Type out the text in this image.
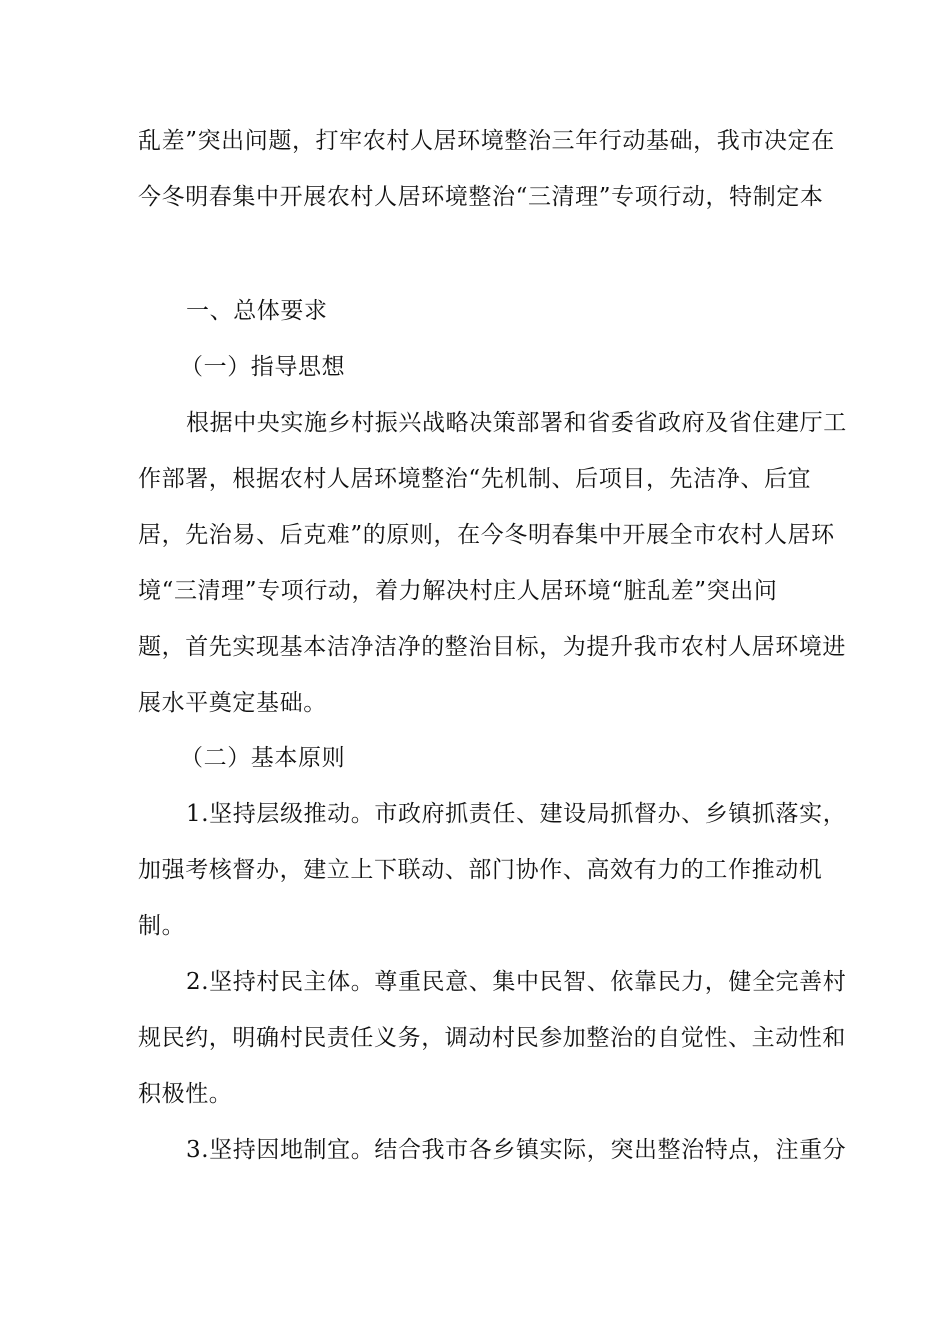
乱差”突出问题，打牢农村人居环境整治三年行动基础，我市决定在
今冬明春集中开展农村人居环境整治“三清理”专项行动，特制定本
一、总体要求
（一）指导思想
根据中央实施乡村振兴战略决策部署和省委省政府及省住建厅工
作部署，根据农村人居环境整治“先机制、后项目，先洁净、后宜
居，先治易、后克难”的原则，在今冬明春集中开展全市农村人居环
境“三清理”专项行动，着力解决村庄人居环境“脏乱差”突出问
题，首先实现基本洁净洁净的整治目标，为提升我市农村人居环境进
展水平奠定基础。
（二）基本原则
1.坚持层级推动。市政府抓责任、建设局抓督办、乡镇抓落实，
加强考核督办，建立上下联动、部门协作、高效有力的工作推动机
制。
2.坚持村民主体。尊重民意、集中民智、依靠民力，健全完善村
规民约，明确村民责任义务，调动村民参加整治的自觉性、主动性和
积极性。
3.坚持因地制宜。结合我市各乡镇实际，突出整治特点，注重分
